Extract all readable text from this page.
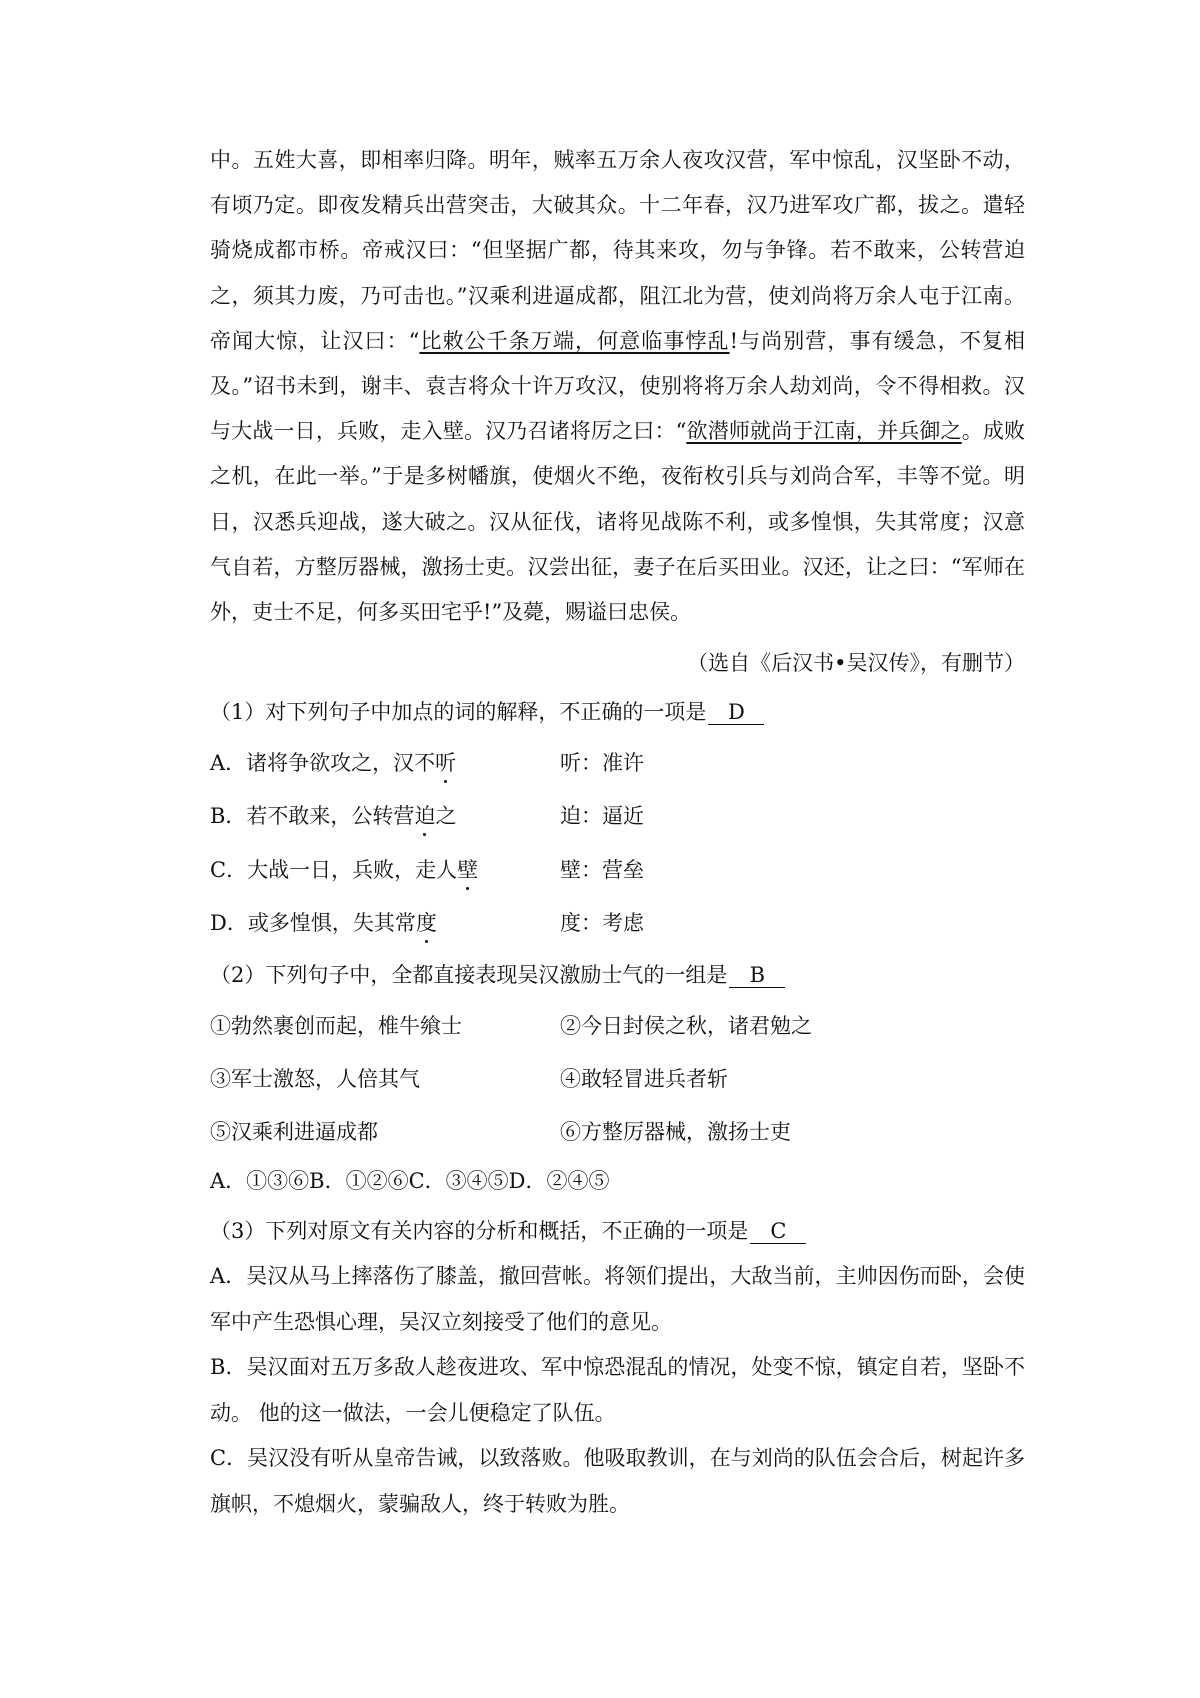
中。五姓大喜，即相率归降。明年，贼率五万余人夜攻汉营，军中惊乱，汉坚卧不动，有顷乃定。即夜发精兵出营突击，大破其众。十二年春，汉乃进军攻广都，拔之。遣轻骑烧成都市桥。帝戒汉曰：“但坚据广都，待其来攻，勿与争锋。若不敢来，公转营迫之，须其力废，乃可击也。”汉乘利进逼成都，阻江北为营，使刘尚将万余人屯于江南。帝闻大惊，让汉曰：“比敕公千条万端，何意临事悖乱!与尚别营，事有缓急，不复相及。”诏书未到，谢丰、袁吉将众十许万攻汉，使别将将万余人劫刘尚，令不得相救。汉与大战一日，兵败，走入壁。汉乃召诸将厉之曰：“欲潜师就尚于江南，并兵御之。成败之机，在此一举。”于是多树幡旗，使烟火不绝，夜衔枚引兵与刘尚合军，丰等不觉。明日，汉悉兵迎战，遂大破之。汉从征伐，诸将见战陈不利，或多惶惧，失其常度；汉意气自若，方整厉器械，激扬士吏。汉尝出征，妻子在后买田业。汉还，让之曰：“军师在外，吏士不足，何多买田宅乎!”及薨，赐谥曰忠侯。

（选自《后汉书•吴汉传》，有删节）

（1）对下列句子中加点的词的解释，不正确的一项是 D

A．诸将争欲攻之，汉不听	听：准许
B．若不敢来，公转营迫之	迫：逼近
C．大战一日，兵败，走人壁	壁：营垒
D．或多惶惧，失其常度	度：考虑

（2）下列句子中，全都直接表现吴汉激励士气的一组是 B

①勃然裹创而起，椎牛飨士	②今日封侯之秋，诸君勉之
③军士激怒，人倍其气	④敢轻冒进兵者斩
⑤汉乘利进逼成都	⑥方整厉器械，激扬士吏
A．①③⑥B．①②⑥C．③④⑤D．②④⑤

（3）下列对原文有关内容的分析和概括，不正确的一项是 C

A．吴汉从马上摔落伤了膝盖，撤回营帐。将领们提出，大敌当前，主帅因伤而卧，会使军中产生恐惧心理，吴汉立刻接受了他们的意见。

B．吴汉面对五万多敌人趁夜进攻、军中惊恐混乱的情况，处变不惊，镇定自若，坚卧不动。 他的这一做法，一会儿便稳定了队伍。

C．吴汉没有听从皇帝告诫，以致落败。他吸取教训，在与刘尚的队伍会合后，树起许多旗帜，不熄烟火，蒙骗敌人，终于转败为胜。
